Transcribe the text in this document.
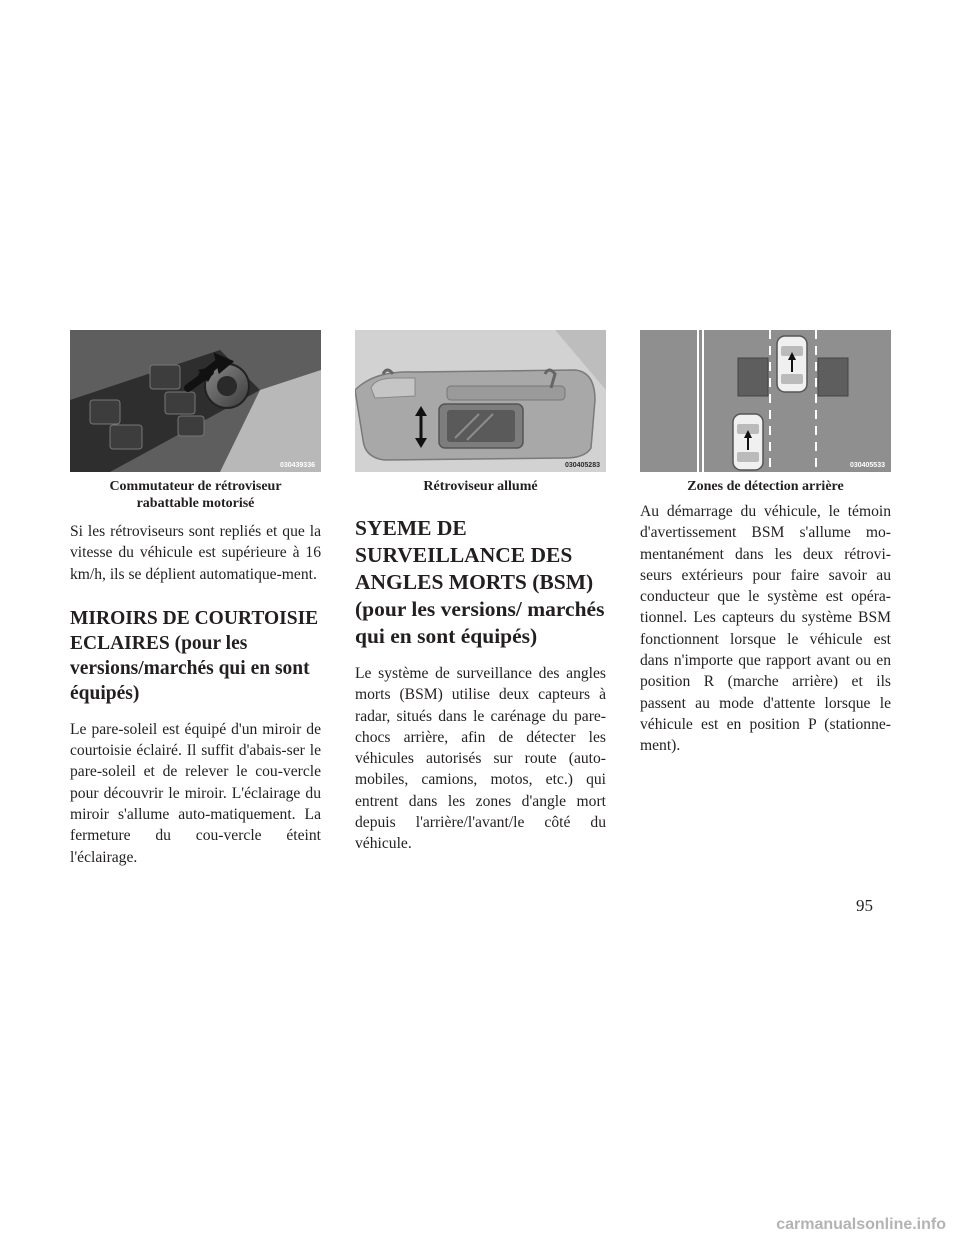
030439336
Commutateur de rétroviseur
rabattable motorisé

Si les rétroviseurs sont repliés et que la vitesse du véhicule est supérieure à 16 km/h, ils se déplient automatique-ment.

MIROIRS DE COURTOISIE ECLAIRES (pour les versions/marchés qui en sont équipés)

Le pare-soleil est équipé d'un miroir de courtoisie éclairé. Il suffit d'abais-ser le pare-soleil et de relever le cou-vercle pour découvrir le miroir. L'éclairage du miroir s'allume auto-matiquement. La fermeture du cou-vercle éteint l'éclairage.

030405283
Rétroviseur allumé
SYEME DE SURVEILLANCE DES ANGLES MORTS (BSM) (pour les versions/ marchés qui en sont équipés)

Le système de surveillance des angles morts (BSM) utilise deux capteurs à radar, situés dans le carénage du pare-chocs arrière, afin de détecter les véhicules autorisés sur route (auto-mobiles, camions, motos, etc.) qui entrent dans les zones d'angle mort depuis l'arrière/l'avant/le côté du véhicule.

030405533
Zones de détection arrière

Au démarrage du véhicule, le témoin d'avertissement BSM s'allume mo-mentanément dans les deux rétrovi-seurs extérieurs pour faire savoir au conducteur que le système est opéra-tionnel. Les capteurs du système BSM fonctionnent lorsque le véhicule est dans n'importe que rapport avant ou en position R (marche arrière) et ils passent au mode d'attente lorsque le véhicule est en position P (stationne-ment).

95
carmanualsonline.info
